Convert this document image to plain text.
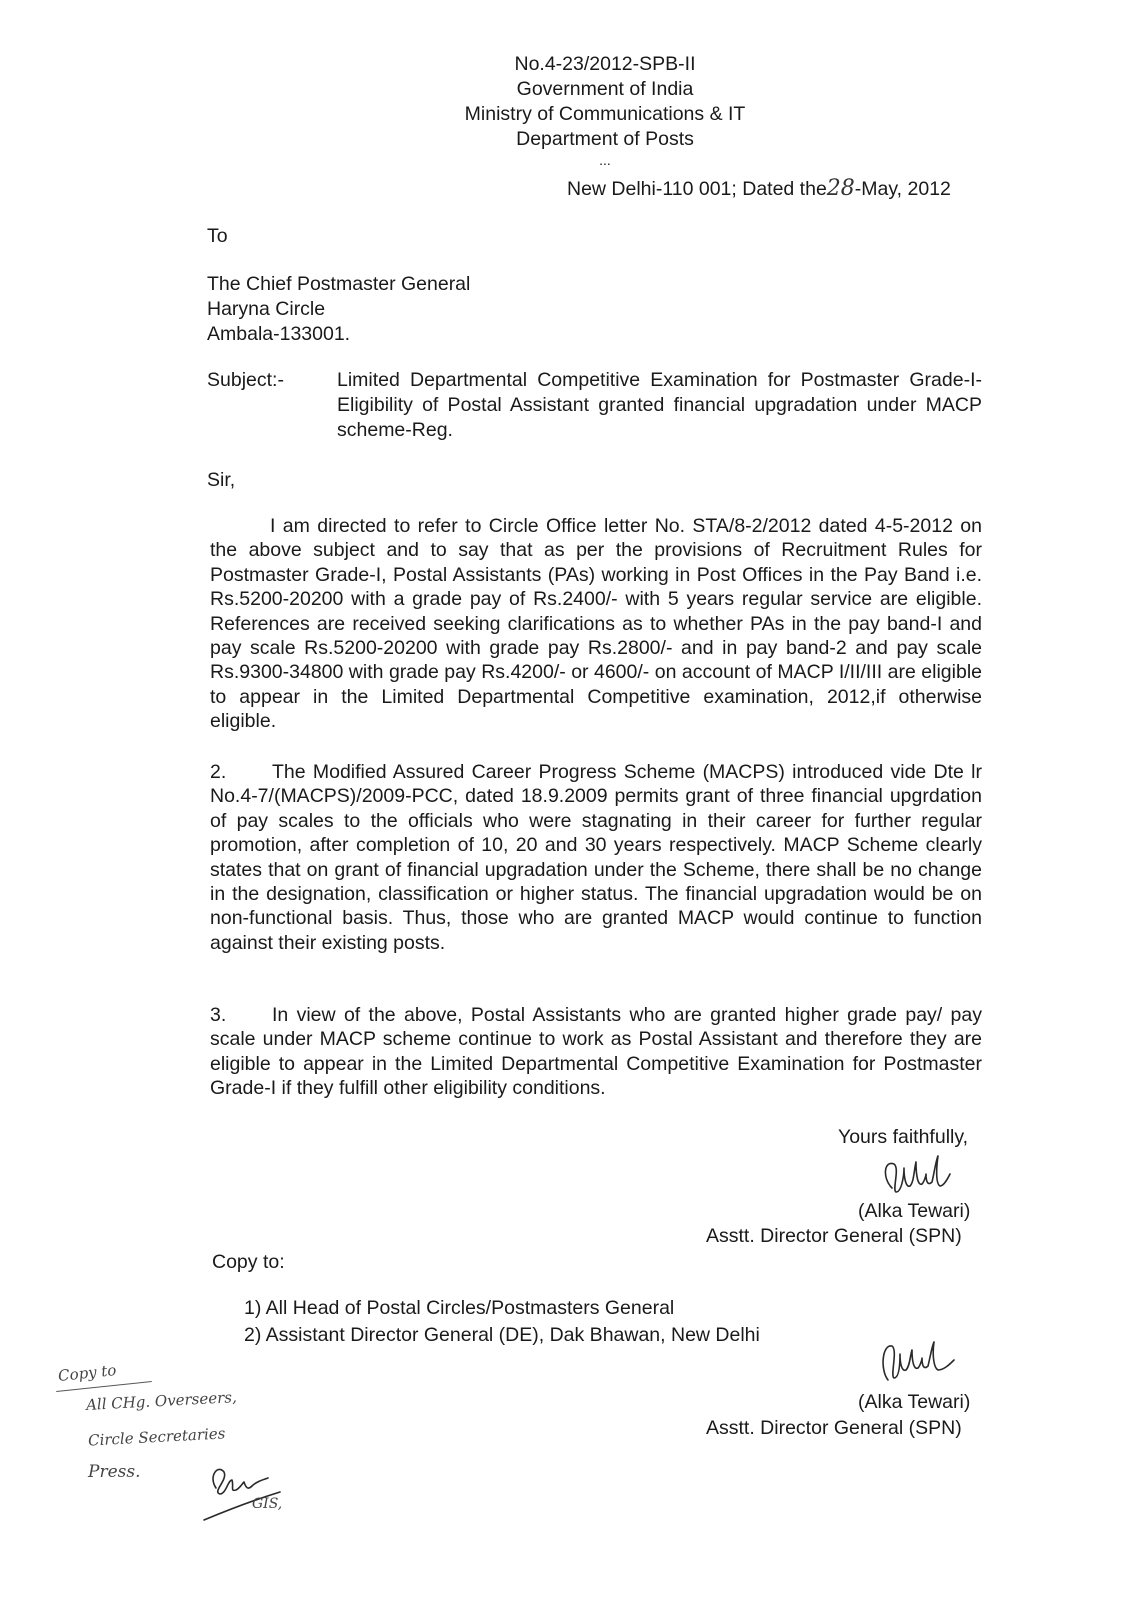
No.4-23/2012-SPB-II
Government of India
Ministry of Communications & IT
Department of Posts
...
New Delhi-110 001; Dated the28-May, 2012
To
The Chief Postmaster General
Haryna Circle
Ambala-133001.
Subject:-	Limited Departmental Competitive Examination for Postmaster Grade-I-Eligibility of Postal Assistant granted financial upgradation under MACP scheme-Reg.
Sir,
I am directed to refer to Circle Office letter No. STA/8-2/2012 dated 4-5-2012 on the above subject and to say that as per the provisions of Recruitment Rules for Postmaster Grade-I, Postal Assistants (PAs) working in Post Offices in the Pay Band i.e. Rs.5200-20200 with a grade pay of Rs.2400/- with 5 years regular service are eligible. References are received seeking clarifications as to whether PAs in the pay band-I and pay scale Rs.5200-20200 with grade pay Rs.2800/- and in pay band-2 and pay scale Rs.9300-34800 with grade pay Rs.4200/- or 4600/- on account of MACP I/II/III are eligible to appear in the Limited Departmental Competitive examination, 2012,if otherwise eligible.
2.	The Modified Assured Career Progress Scheme (MACPS) introduced vide Dte lr No.4-7/(MACPS)/2009-PCC, dated 18.9.2009 permits grant of three financial upgrdation of pay scales to the officials who were stagnating in their career for further regular promotion, after completion of 10, 20 and 30 years respectively. MACP Scheme clearly states that on grant of financial upgradation under the Scheme, there shall be no change in the designation, classification or higher status. The financial upgradation would be on non-functional basis. Thus, those who are granted MACP would continue to function against their existing posts.
3.	In view of the above, Postal Assistants who are granted higher grade pay/ pay scale under MACP scheme continue to work as Postal Assistant and therefore they are eligible to appear in the Limited Departmental Competitive Examination for Postmaster Grade-I if they fulfill other eligibility conditions.
Yours faithfully,
(Alka Tewari)
Asstt. Director General (SPN)
Copy to:
1) All Head of Postal Circles/Postmasters General
2) Assistant Director General (DE), Dak Bhawan, New Delhi
(Alka Tewari)
Asstt. Director General (SPN)
Copy to
All CHg. Overseers,
Circle Secretaries
Press.
GIS,
